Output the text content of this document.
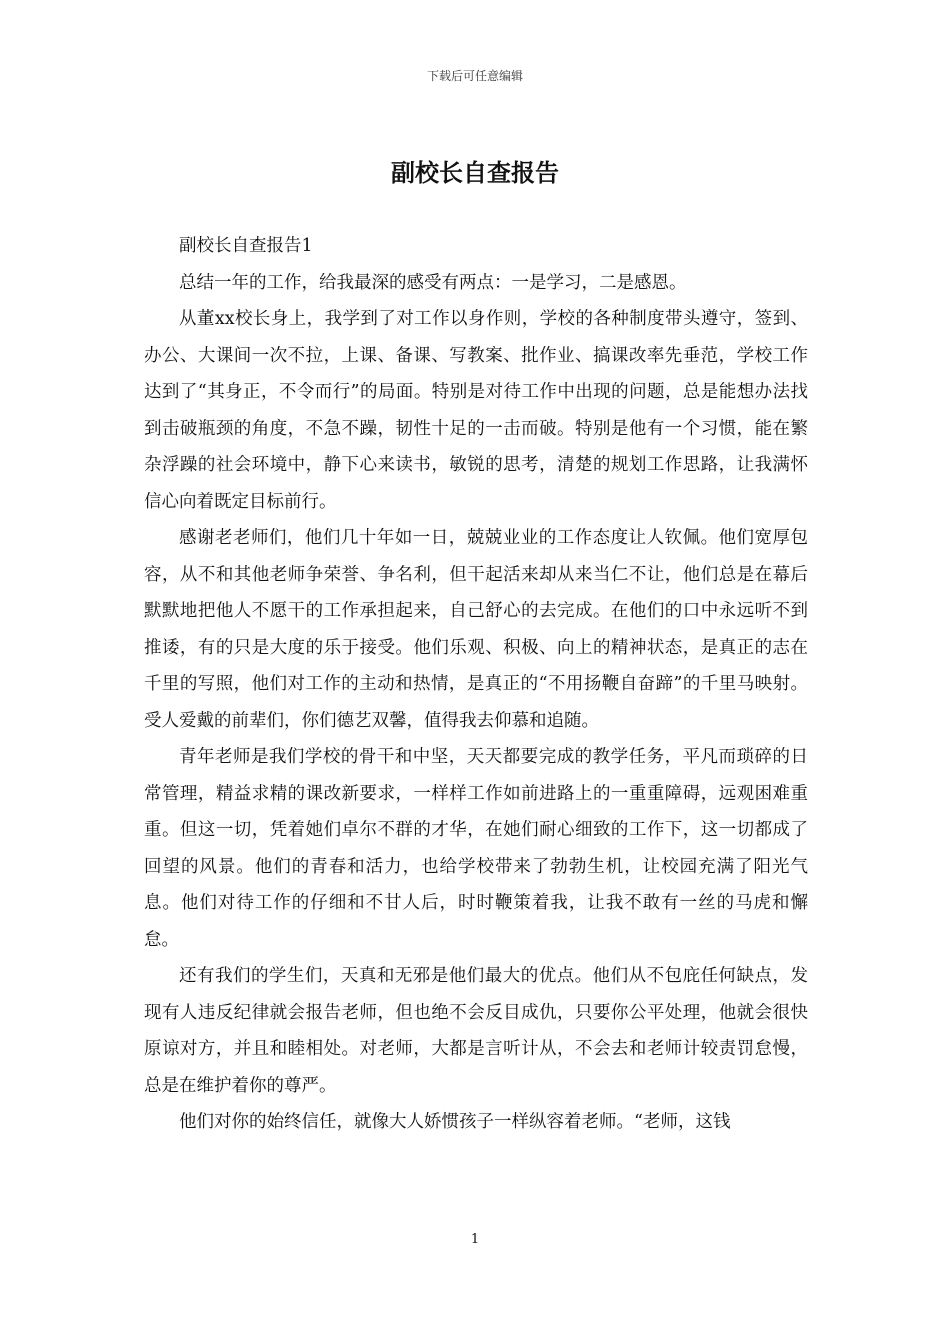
下载后可任意编辑
副校长自查报告

副校长自查报告1

总结一年的工作，给我最深的感受有两点：一是学习，二是感恩。

从董xx校长身上，我学到了对工作以身作则，学校的各种制度带头遵守，签到、办公、大课间一次不拉，上课、备课、写教案、批作业、搞课改率先垂范，学校工作达到了“其身正，不令而行”的局面。特别是对待工作中出现的问题，总是能想办法找到击破瓶颈的角度，不急不躁，韧性十足的一击而破。特别是他有一个习惯，能在繁杂浮躁的社会环境中，静下心来读书，敏锐的思考，清楚的规划工作思路，让我满怀信心向着既定目标前行。

感谢老老师们，他们几十年如一日，兢兢业业的工作态度让人钦佩。他们宽厚包容，从不和其他老师争荣誉、争名利，但干起活来却从来当仁不让，他们总是在幕后默默地把他人不愿干的工作承担起来，自己舒心的去完成。在他们的口中永远听不到推诿，有的只是大度的乐于接受。他们乐观、积极、向上的精神状态，是真正的志在千里的写照，他们对工作的主动和热情，是真正的“不用扬鞭自奋蹄”的千里马映射。受人爱戴的前辈们，你们德艺双馨，值得我去仰慕和追随。

青年老师是我们学校的骨干和中坚，天天都要完成的教学任务，平凡而琐碎的日常管理，精益求精的课改新要求，一样样工作如前进路上的一重重障碍，远观困难重重。但这一切，凭着她们卓尔不群的才华，在她们耐心细致的工作下，这一切都成了回望的风景。他们的青春和活力，也给学校带来了勃勃生机，让校园充满了阳光气息。他们对待工作的仔细和不甘人后，时时鞭策着我，让我不敢有一丝的马虎和懈怠。

还有我们的学生们，天真和无邪是他们最大的优点。他们从不包庇任何缺点，发现有人违反纪律就会报告老师，但也绝不会反目成仇，只要你公平处理，他就会很快原谅对方，并且和睦相处。对老师，大都是言听计从，不会去和老师计较责罚怠慢，总是在维护着你的尊严。

他们对你的始终信任，就像大人娇惯孩子一样纵容着老师。“老师，这钱

1
